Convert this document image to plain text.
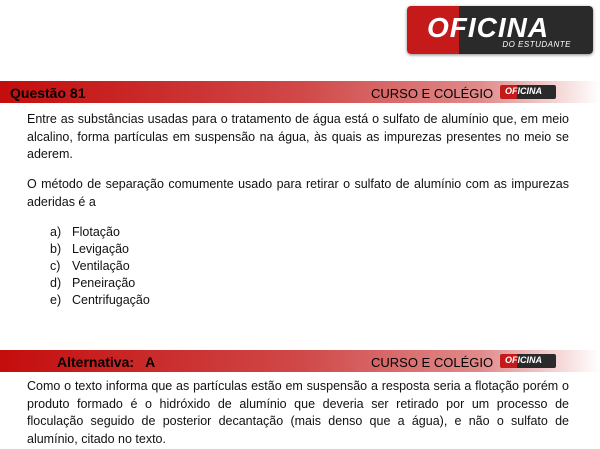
OFICINA
DO ESTUDANTE
Questão 81	CURSO E COLÉGIO OFICINA

Entre as substâncias usadas para o tratamento de água está o sulfato de alumínio que, em meio alcalino, forma partículas em suspensão na água, às quais as impurezas presentes no meio se aderem.

O método de separação comumente usado para retirar o sulfato de alumínio com as impurezas aderidas é a

a) Flotação
b) Levigação
c) Ventilação
d) Peneiração
e) Centrifugação
Alternativa:   A	CURSO E COLÉGIO OFICINA

Como o texto informa que as partículas estão em suspensão a resposta seria a flotação porém o produto formado é o hidróxido de alumínio que deveria ser retirado por um processo de floculação seguido de posterior decantação (mais denso que a água), e não o sulfato de alumínio, citado no texto.
